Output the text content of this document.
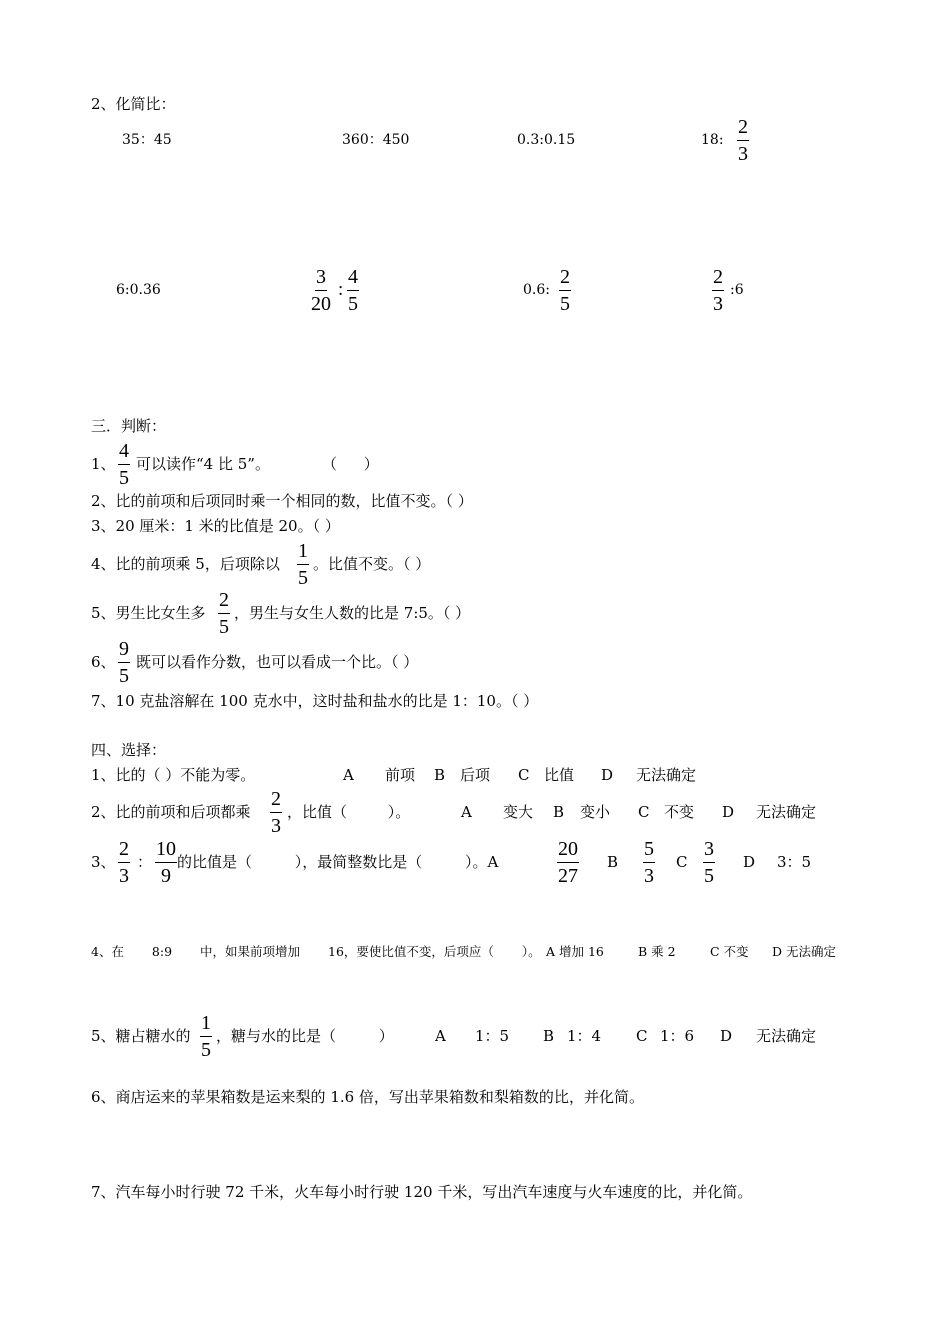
2、化简比：
35：45	360：450	0.3:0.15	18: $\frac{2}{3}$
6:0.36	$\frac{3}{20}$ : $\frac{4}{5}$	0.6: $\frac{2}{5}$	$\frac{2}{3}$ :6
三．判断：
1、 $\frac{4}{5}$ 可以读作“4 比 5”。	（ ）
2、比的前项和后项同时乘一个相同的数，比值不变。（ ）
3、20 厘米：1 米的比值是 20。（ ）
4、比的前项乘 5，后项除以 $\frac{1}{5}$ 。比值不变。（ ）
5、男生比女生多 $\frac{2}{5}$ ，男生与女生人数的比是 7:5。（ ）
6、 $\frac{9}{5}$ 既可以看作分数，也可以看成一个比。（ ）
7、10 克盐溶解在 100 克水中，这时盐和盐水的比是 1：10。（ ）
四、选择：
1、比的（ ）不能为零。	A 前项 B 后项 C 比值 D 无法确定
2、比的前项和后项都乘 $\frac{2}{3}$ ，比值（ ）。	A 变大 B 变小 C 不变 D 无法确定
3、 $\frac{2}{3}$ ： $\frac{10}{9}$ 的比值是（ ），最简整数比是（ ）。A	$\frac{20}{27}$ B $\frac{5}{3}$ C $\frac{3}{5}$ D 3：5
4、在 8:9 中，如果前项增加 16，要使比值不变，后项应（ ）。 A 增加 16	B 乘 2	C 不变 D 无法确定
5、糖占糖水的 $\frac{1}{5}$ ，糖与水的比是（ ）	A 1：5 B 1：4 C 1：6 D 无法确定
6、商店运来的苹果箱数是运来梨的 1.6 倍，写出苹果箱数和梨箱数的比，并化简。
7、汽车每小时行驶 72 千米，火车每小时行驶 120 千米，写出汽车速度与火车速度的比，并化简。
